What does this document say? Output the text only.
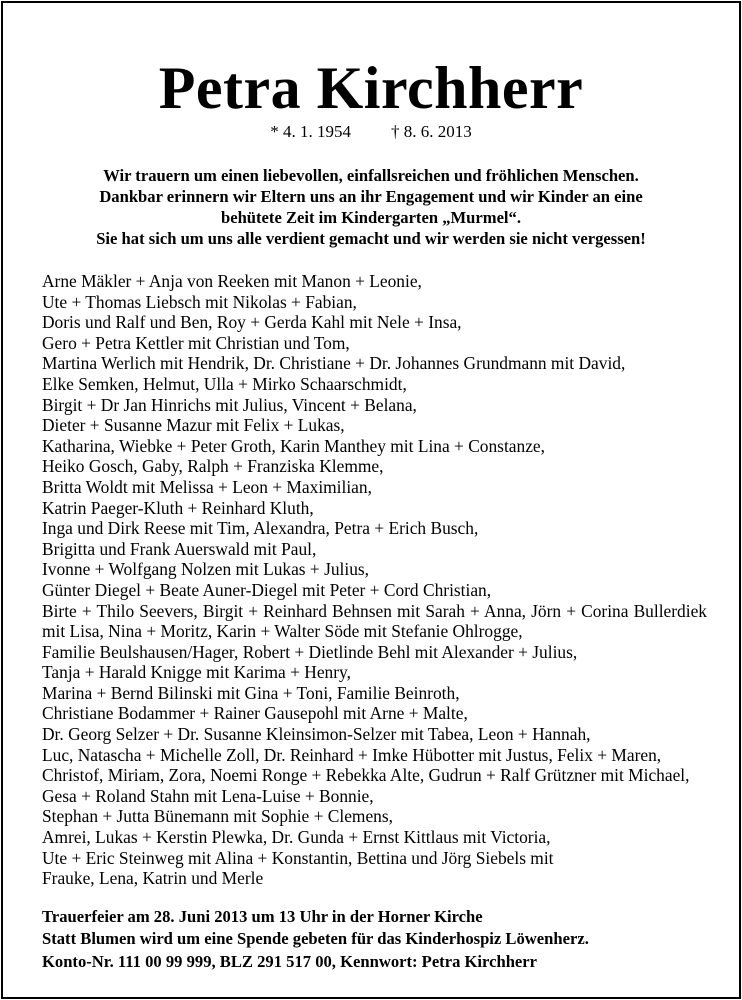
Petra Kirchherr
* 4. 1. 1954 † 8. 6. 2013
Wir trauern um einen liebevollen, einfallsreichen und fröhlichen Menschen.
Dankbar erinnern wir Eltern uns an ihr Engagement und wir Kinder an eine
behütete Zeit im Kindergarten „Murmel“.
Sie hat sich um uns alle verdient gemacht und wir werden sie nicht vergessen!
Arne Mäkler + Anja von Reeken mit Manon + Leonie,
Ute + Thomas Liebsch mit Nikolas + Fabian,
Doris und Ralf und Ben, Roy + Gerda Kahl mit Nele + Insa,
Gero + Petra Kettler mit Christian und Tom,
Martina Werlich mit Hendrik, Dr. Christiane + Dr. Johannes Grundmann mit David,
Elke Semken, Helmut, Ulla + Mirko Schaarschmidt,
Birgit + Dr Jan Hinrichs mit Julius, Vincent + Belana,
Dieter + Susanne Mazur mit Felix + Lukas,
Katharina, Wiebke + Peter Groth, Karin Manthey mit Lina + Constanze,
Heiko Gosch, Gaby, Ralph + Franziska Klemme,
Britta Woldt mit Melissa + Leon + Maximilian,
Katrin Paeger-Kluth + Reinhard Kluth,
Inga und Dirk Reese mit Tim, Alexandra, Petra + Erich Busch,
Brigitta und Frank Auerswald mit Paul,
Ivonne + Wolfgang Nolzen mit Lukas + Julius,
Günter Diegel + Beate Auner-Diegel mit Peter + Cord Christian,
Birte + Thilo Seevers, Birgit + Reinhard Behnsen mit Sarah + Anna, Jörn + Corina Bullerdiek
mit Lisa, Nina + Moritz, Karin + Walter Söde mit Stefanie Ohlrogge,
Familie Beulshausen/Hager, Robert + Dietlinde Behl mit Alexander + Julius,
Tanja + Harald Knigge mit Karima + Henry,
Marina + Bernd Bilinski mit Gina + Toni, Familie Beinroth,
Christiane Bodammer + Rainer Gausepohl mit Arne + Malte,
Dr. Georg Selzer + Dr. Susanne Kleinsimon-Selzer mit Tabea, Leon + Hannah,
Luc, Natascha + Michelle Zoll, Dr. Reinhard + Imke Hübotter mit Justus, Felix + Maren,
Christof, Miriam, Zora, Noemi Ronge + Rebekka Alte, Gudrun + Ralf Grützner mit Michael,
Gesa + Roland Stahn mit Lena-Luise + Bonnie,
Stephan + Jutta Bünemann mit Sophie + Clemens,
Amrei, Lukas + Kerstin Plewka, Dr. Gunda + Ernst Kittlaus mit Victoria,
Ute + Eric Steinweg mit Alina + Konstantin, Bettina und Jörg Siebels mit
Frauke, Lena, Katrin und Merle
Trauerfeier am 28. Juni 2013 um 13 Uhr in der Horner Kirche
Statt Blumen wird um eine Spende gebeten für das Kinderhospiz Löwenherz.
Konto-Nr. 111 00 99 999, BLZ 291 517 00, Kennwort: Petra Kirchherr
